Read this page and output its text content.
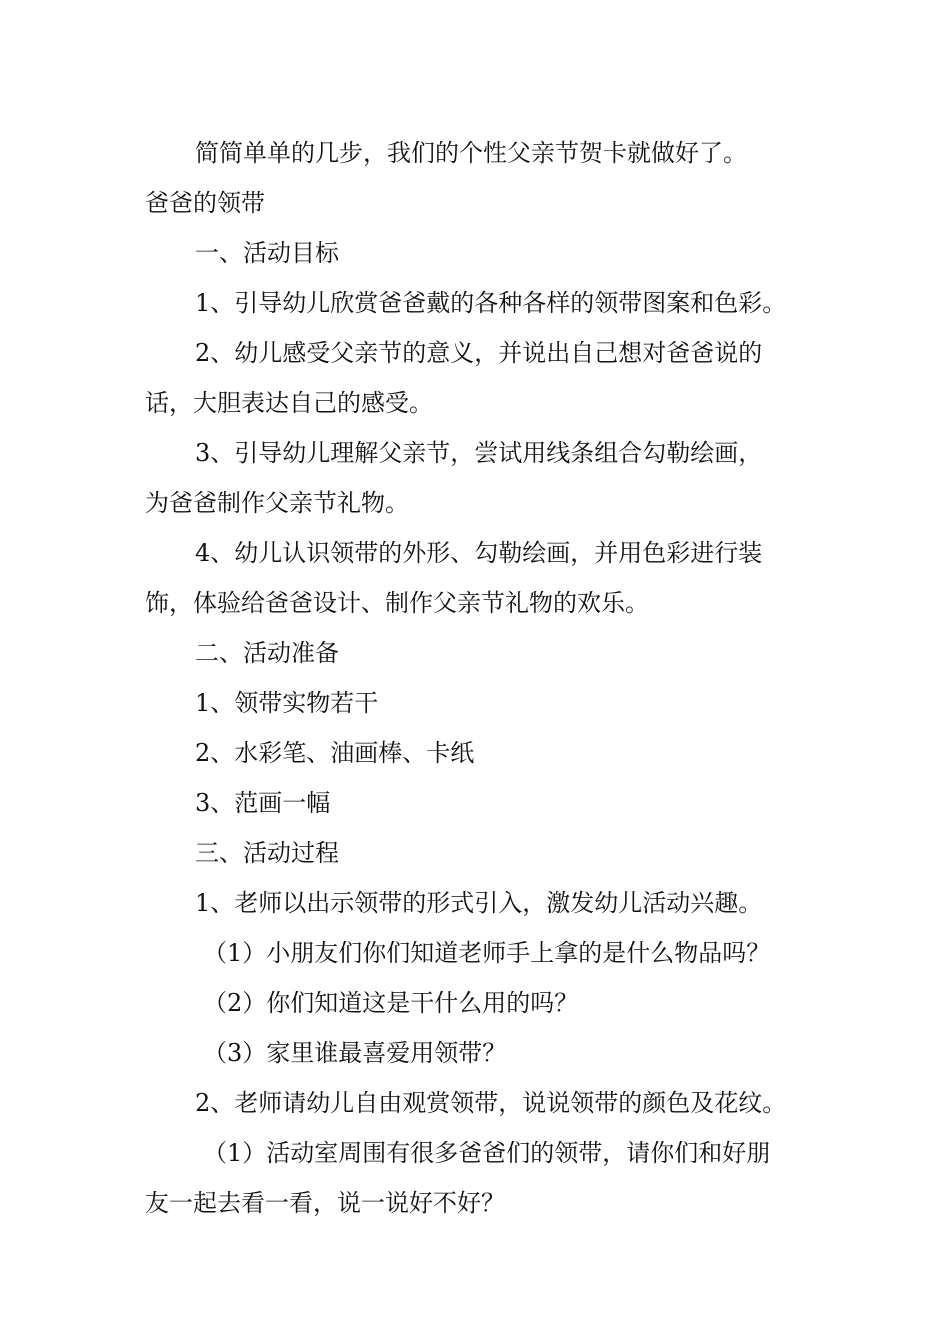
简简单单的几步，我们的个性父亲节贺卡就做好了。
爸爸的领带
一、活动目标
1、引导幼儿欣赏爸爸戴的各种各样的领带图案和色彩。
2、幼儿感受父亲节的意义，并说出自己想对爸爸说的
话，大胆表达自己的感受。
3、引导幼儿理解父亲节，尝试用线条组合勾勒绘画，
为爸爸制作父亲节礼物。
4、幼儿认识领带的外形、勾勒绘画，并用色彩进行装
饰，体验给爸爸设计、制作父亲节礼物的欢乐。
二、活动准备
1、领带实物若干
2、水彩笔、油画棒、卡纸
3、范画一幅
三、活动过程
1、老师以出示领带的形式引入，激发幼儿活动兴趣。
（1）小朋友们你们知道老师手上拿的是什么物品吗？
（2）你们知道这是干什么用的吗？
（3）家里谁最喜爱用领带？
2、老师请幼儿自由观赏领带，说说领带的颜色及花纹。
（1）活动室周围有很多爸爸们的领带，请你们和好朋
友一起去看一看，说一说好不好？
